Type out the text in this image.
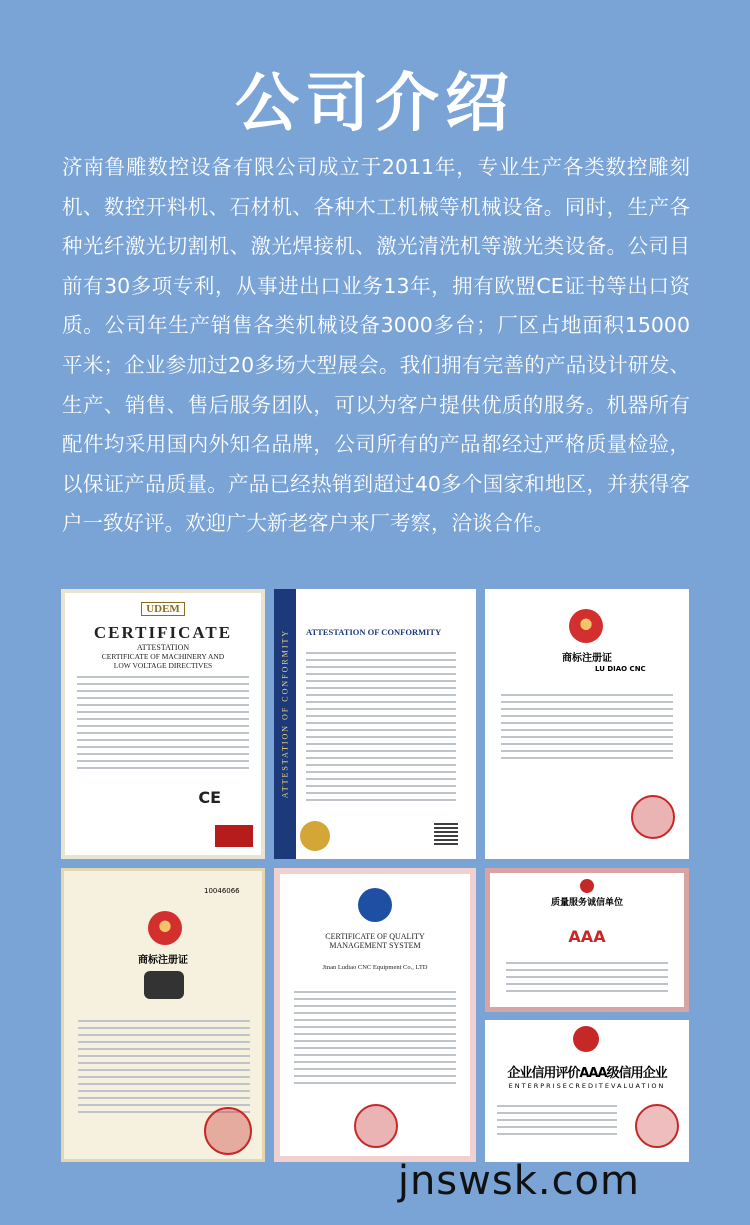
公司介绍
济南鲁雕数控设备有限公司成立于2011年，专业生产各类数控雕刻机、数控开料机、石材机、各种木工机械等机械设备。同时，生产各种光纤激光切割机、激光焊接机、激光清洗机等激光类设备。公司目前有30多项专利，从事进出口业务13年，拥有欧盟CE证书等出口资质。公司年生产销售各类机械设备3000多台；厂区占地面积15000平米；企业参加过20多场大型展会。我们拥有完善的产品设计研发、生产、销售、售后服务团队，可以为客户提供优质的服务。机器所有配件均采用国内外知名品牌，公司所有的产品都经过严格质量检验，以保证产品质量。产品已经热销到超过40多个国家和地区，并获得客户一致好评。欢迎广大新老客户来厂考察，洽谈合作。
UDEM
CERTIFICATE
ATTESTATION
CERTIFICATE OF MACHINERY AND
LOW VOLTAGE DIRECTIVES
CE	ATTESTATION OF CONFORMITY ATTESTATION OF CONFORMITY
商标注册证
LU DIAO CNC
10046066
商标注册证
CERTIFICATE OF QUALITY
MANAGEMENT SYSTEM
Jinan Ludiao CNC Equipment Co., LTD
质量服务诚信单位
AAA
企业信用评价AAA级信用企业
ENTERPRISECREDITEVALUATION
jnswsk.com
